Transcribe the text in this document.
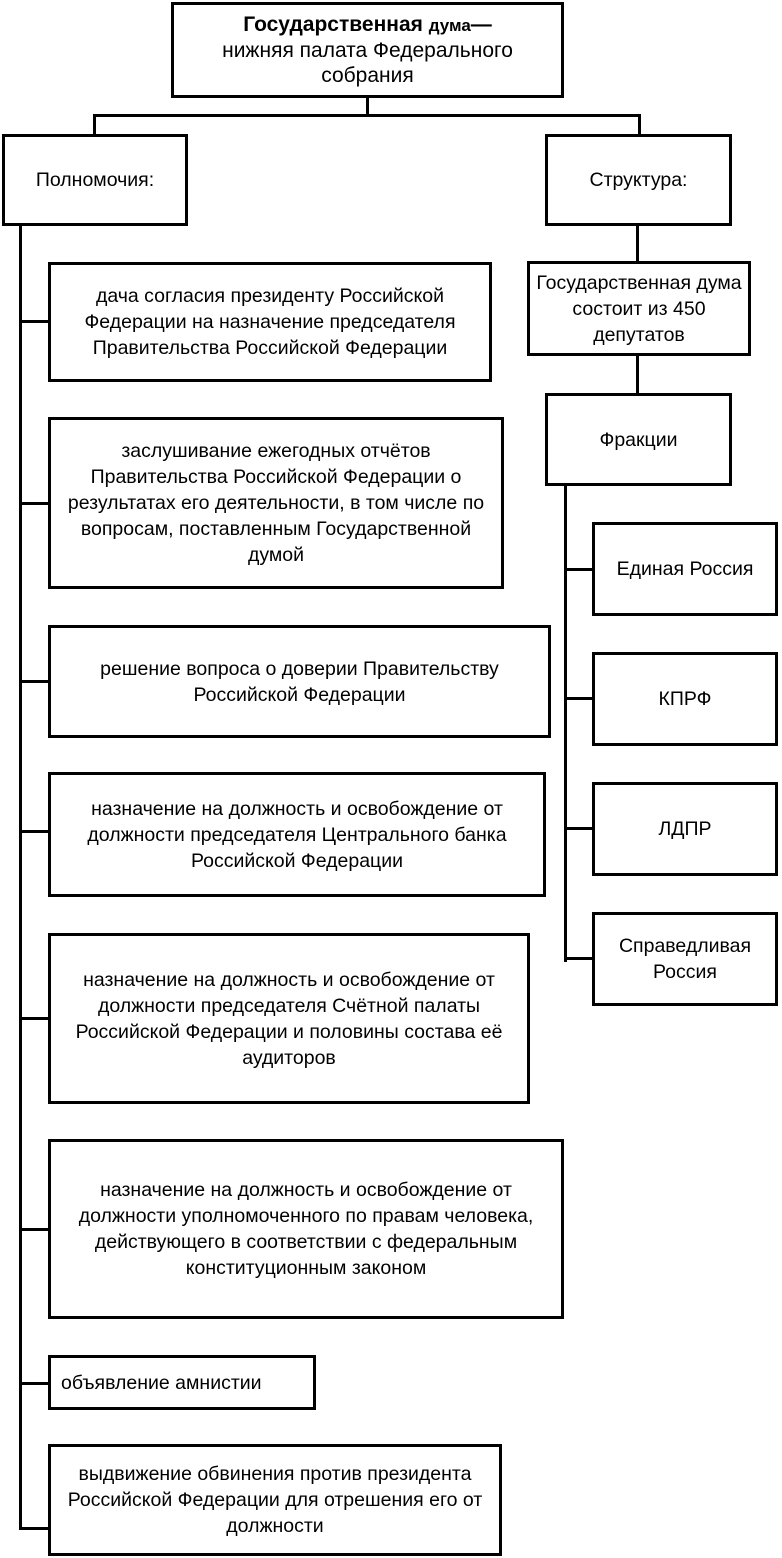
Государственная дума—
нижняя палата Федерального
собрания
Полномочия:	Структура:
дача согласия президенту Российской Федерации на назначение председателя Правительства Российской Федерации
заслушивание ежегодных отчётов Правительства Российской Федерации о результатах его деятельности, в том числе по вопросам, поставленным Государственной думой
решение вопроса о доверии Правительству Российской Федерации
назначение на должность и освобождение от должности председателя Центрального банка Российской Федерации
назначение на должность и освобождение от должности председателя Счётной палаты Российской Федерации и половины состава её аудиторов
назначение на должность и освобождение от должности уполномоченного по правам человека, действующего в соответствии с федеральным конституционным законом
объявление амнистии
выдвижение обвинения против президента Российской Федерации для отрешения его от должности
Государственная дума состоит из 450 депутатов
Фракции
Единая Россия
КПРФ
ЛДПР
Справедливая Россия
